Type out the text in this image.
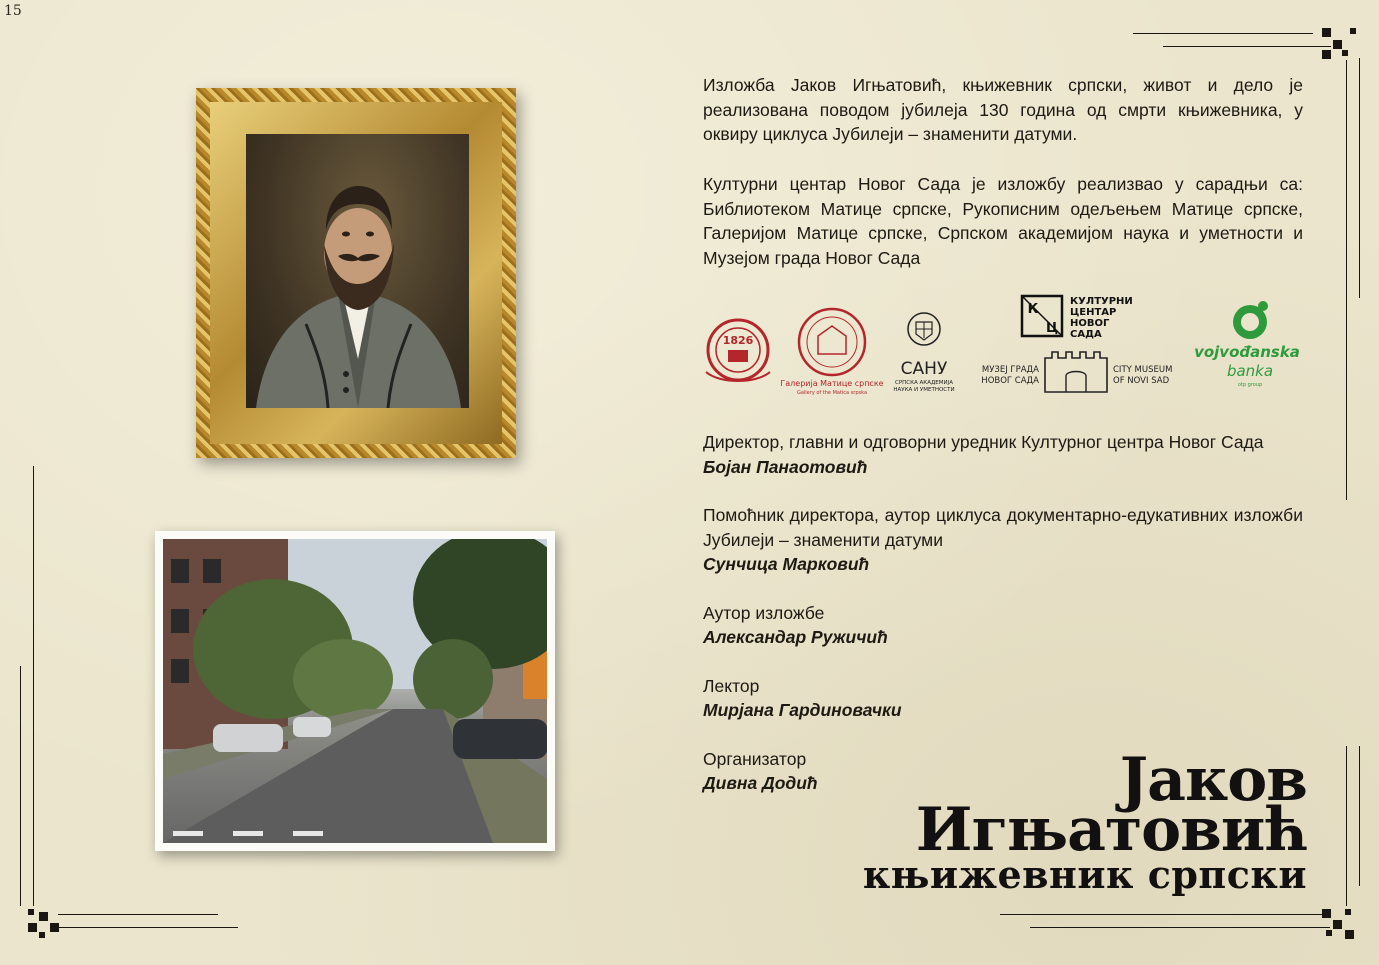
15
Изложба Јаков Игњатовић, књижевник српски, живот и дело је реализована поводом јубилеја 130 година од смрти књижевника, у оквиру циклуса Јубилеји – знаменити датуми.
Културни центар Новог Сада је изложбу реализвао у сарадњи са: Библиотеком Матице српске, Рукописним одељењем Матице српске, Галеријом Матице српске, Српском академијом наука и уметности и Музејом града Новог Сада
1826
Галерија Матице српске
Gallery of the Matica srpska
САНУ
СРПСКА АКАДЕМИЈА
НАУКА И УМЕТНОСТИ
К
Ц
КУЛТУРНИ
ЦЕНТАР
НОВОГ
САДА
МУЗЕЈ ГРАДА
НОВОГ САДА
CITY MUSEUM
OF NOVI SAD
vojvođanska
banka
otp group
Директор, главни и одговорни уредник Културног центра Новог Сада
Бојан Панаотовић
Помоћник директора, аутор циклуса документарно-едукативних изложби Јубилеји – знаменити датуми
Сунчица Марковић
Аутор изложбе
Александар Ружичић
Лектор
Мирјана Гардиновачки
Организатор
Дивна Додић	Јаков
Игњатовић
књижевник српски
